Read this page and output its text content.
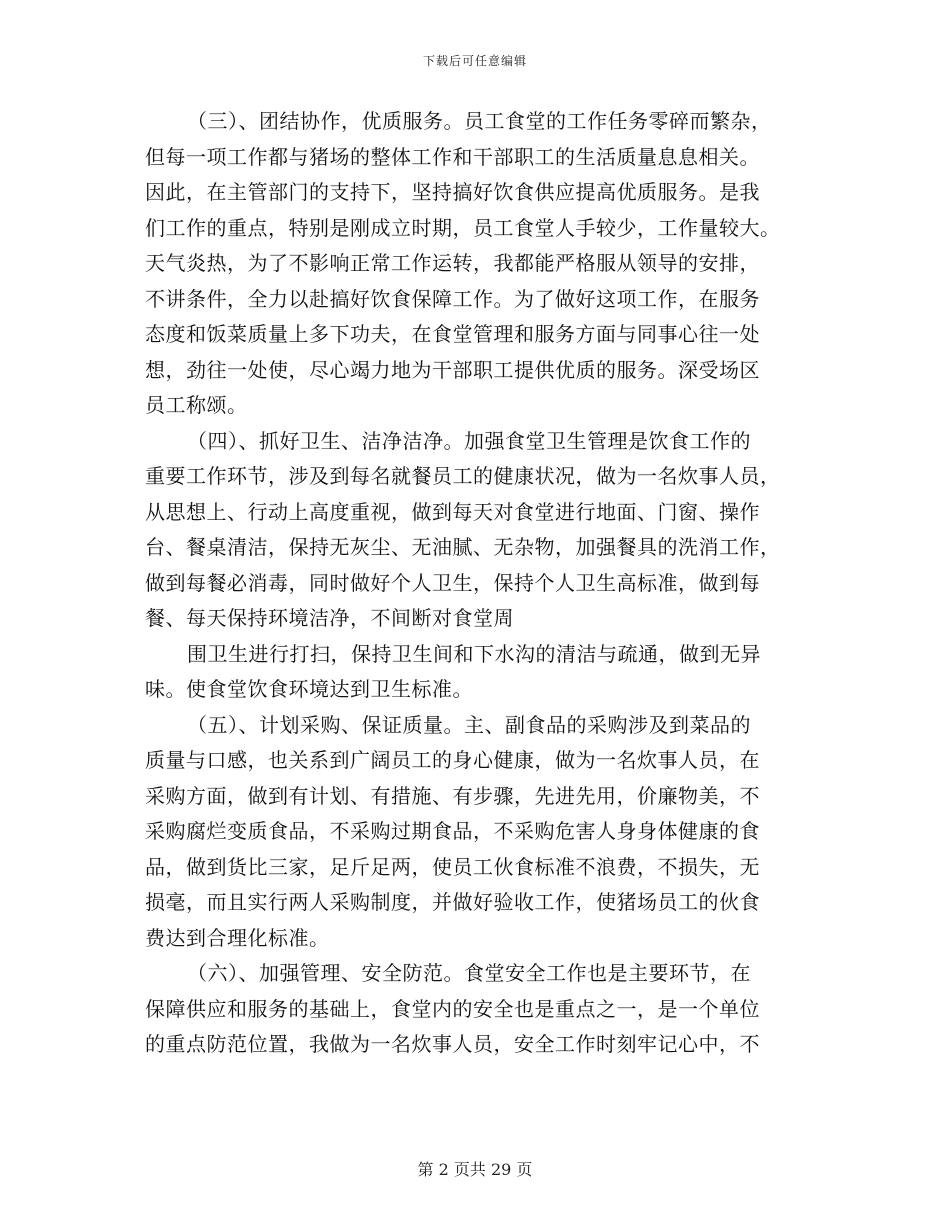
下载后可任意编辑

（三）、团结协作，优质服务。员工食堂的工作任务零碎而繁杂，
但每一项工作都与猪场的整体工作和干部职工的生活质量息息相关。
因此，在主管部门的支持下，坚持搞好饮食供应提高优质服务。是我
们工作的重点，特别是刚成立时期，员工食堂人手较少，工作量较大。
天气炎热，为了不影响正常工作运转，我都能严格服从领导的安排，
不讲条件，全力以赴搞好饮食保障工作。为了做好这项工作，在服务
态度和饭菜质量上多下功夫，在食堂管理和服务方面与同事心往一处
想，劲往一处使，尽心竭力地为干部职工提供优质的服务。深受场区
员工称颂。

（四）、抓好卫生、洁净洁净。加强食堂卫生管理是饮食工作的
重要工作环节，涉及到每名就餐员工的健康状况，做为一名炊事人员，
从思想上、行动上高度重视，做到每天对食堂进行地面、门窗、操作
台、餐桌清洁，保持无灰尘、无油腻、无杂物，加强餐具的洗消工作，
做到每餐必消毒，同时做好个人卫生，保持个人卫生高标准，做到每
餐、每天保持环境洁净，不间断对食堂周

围卫生进行打扫，保持卫生间和下水沟的清洁与疏通，做到无异
味。使食堂饮食环境达到卫生标准。

（五）、计划采购、保证质量。主、副食品的采购涉及到菜品的
质量与口感，也关系到广阔员工的身心健康，做为一名炊事人员，在
采购方面，做到有计划、有措施、有步骤，先进先用，价廉物美，不
采购腐烂变质食品，不采购过期食品，不采购危害人身身体健康的食
品，做到货比三家，足斤足两，使员工伙食标准不浪费，不损失，无
损毫，而且实行两人采购制度，并做好验收工作，使猪场员工的伙食
费达到合理化标准。

（六）、加强管理、安全防范。食堂安全工作也是主要环节，在
保障供应和服务的基础上，食堂内的安全也是重点之一，是一个单位
的重点防范位置，我做为一名炊事人员，安全工作时刻牢记心中，不

第 2 页共 29 页
